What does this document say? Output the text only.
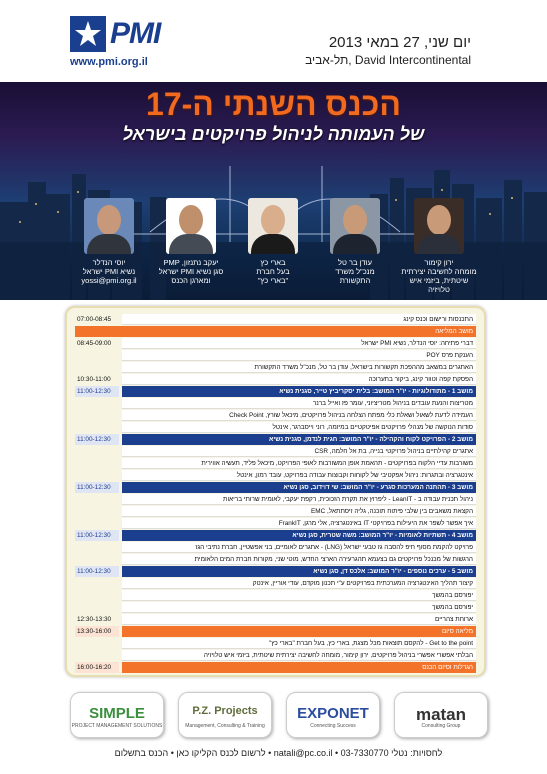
PMI
www.pmi.org.il
יום שני, 27 במאי 2013
David Intercontinental ,תל-אביב
הכנס השנתי ה-17
של העמותה לניהול פרויקטים בישראל
ירון קימור
מומחה לחשיבה יצירתית
שיטתית, ביזמי איש טלויזיה
עודן בר טל
מנכ"ל משרד
התקשורת
בארי כץ
בעל חברת
"בארי כץ"
יעקב נתנזון, PMP
סגן נשיא PMI ישראל
ומארגן הכנס
יוסי הנדלר
נשיא PMI ישראל
yossi@pmi.org.il
07:00-08:45	התכנסות ורישום וכנס קינג
מושב המליאה
08:45-09:00	דברי פתיחה: יוסי הנדלר, נשיא PMI ישראל
הענקת פרס POY
האתגרים במשאב מההפכת תקשורות בישראל, עודן בר טל, מנכ"ל משרד התקשורת
10:30-11:00	הפסקת קפה וטוור קינג, ביקור בתערוכה
11:00-12:30	מושב 1 - מתודולוגיות - יו"ר המושב: בלית יסקריביץ טייר, סגנית נשיא
מטריצות והנעת עובדים בניהול מטריציוני, עומר פז ואייל ברנר
העמידה לדעת לשאול ושאלת כלי מפתח הצלחה בניהול פרויקטים, מיכאל שורץ, Check Point
סודות הנוקשה של מנהלי פרויקטים אפיטקטיים במיזמה, רוני וייסברגר, אינטל
11:00-12:30	מושב 2 - הפרויקט לקוח והקהילה - יו"ר המושב: חגית לנדמן, סגנית נשיא
אתגרים קהילתיים בניהול פרויקטי בנייה, בת אל חלמה, CSR
משורבות עדיי הלקוח בפרויקטים - תהאמת אופן המשורבות לאופי הפרויקט, מיכאל פליד, תעשיה אווירית
אינטגרציה ובתגרות: ניהול אפקטיבי של לקוחות וקבוצות עבודה בפרויקט, עובד רמון, אינטל
11:00-12:30	מושב 3 - תהתנה המערכות סגרע - יו"ר המושב: שי דוידוב, סגן נשיא
ניהול תכנית עבודה ב - LeanIT - ליפרוץ את תקרת הזכוכית, רקפת יעקבי, לאומית שרותי בריאות
הקצאת משאבים בין שלבי פיתוח תוכנה, גליה זיסתתאל, EMC
איך אפשר לשפר את היעילות בפרויקטי IT באינטגרציה, אלי מרגן, FrankIT
11:00-12:30	מושב 4 - תשתיות לאומיות - יו"ר המושב: משה שטרית, סגן נשיא
פרויקט להקמת מסוף חיפ להסבה גז טבעי ישראל (LNG) - אתגרים לאומיים, בני אפשטיין, חברת נתיבי הגז
הרגשות של מכנכל פרויקטים גם בצעמא תהגרעירה הארצי החדש, מוטי שני, מקורות חברת המים הלאומית
11:00-12:30	מושב 5 - ערכים נוספים - יו"ר המושב: אלכס דן, סגן נשיא
קיצור תהליך האינטגרציה המערכתית בפרויקטים ע"י תכנון מוקדם, עודי אוריין, אינטק
יפורסם בהמשך
יפורסם בהמשך
12:30-13:30	ארוחת צהריים
13:30-16:00	מליאה סיום
Get to the point - להקסם תוצאות מכל מצגת, בארי כץ, בעל חברת "בארי כץ"
הבלתי אפשרי אפשרי בניהול פרויקטים, ירון קימור, מומחה לחשיבה יצירתית שיטתית, ביזמי איש טלויזיה
16:00-16:20	הגרלות וסיום הכנס
SIMPLE
PROJECT MANAGEMENT SOLUTIONS
P.Z. Projects
Management, Consulting & Training
EXPONET
Connecting Success
matan
Consulting Group
לחסויות: נטלי 03-7330770 • natali@pc.co.il • לרשום לכנס הקליקו כאן • הכנס בתשלום
